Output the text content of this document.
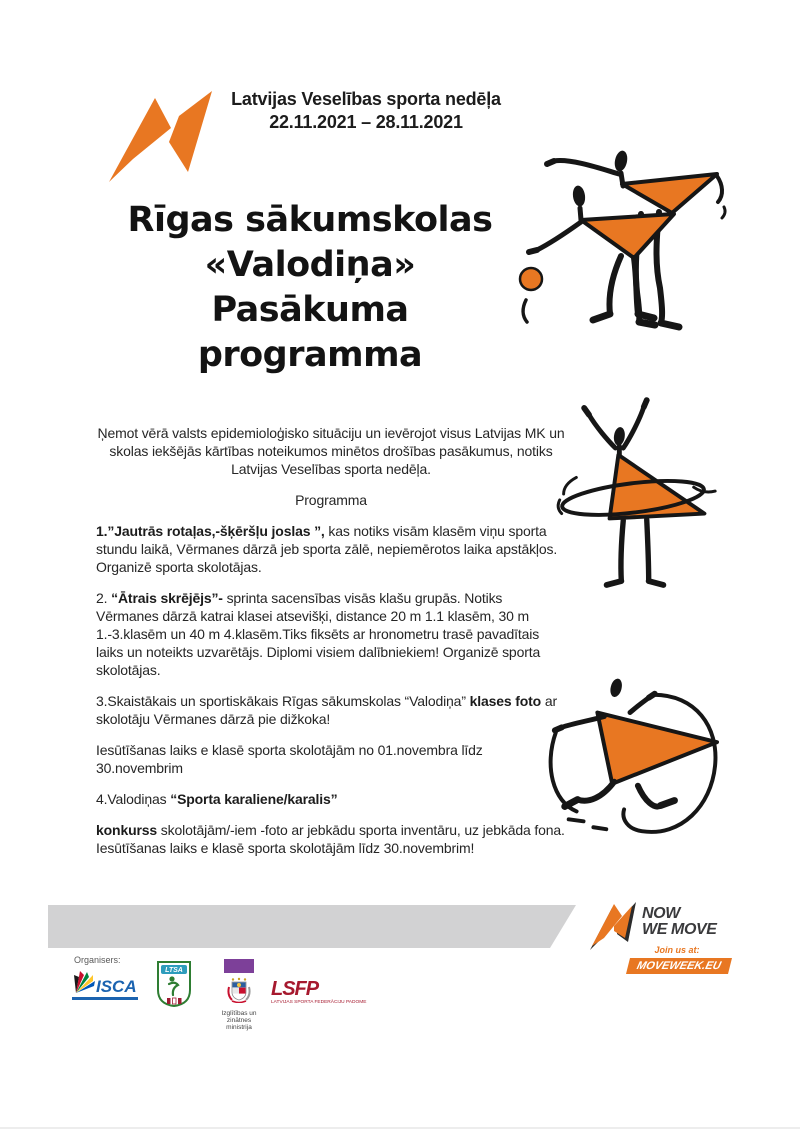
Latvijas Veselības sporta nedēļa
22.11.2021 – 28.11.2021
Rīgas sākumskolas
«Valodiņa»
Pasākuma
programma

Ņemot vērā valsts epidemioloģisko situāciju un ievērojot visus Latvijas MK un skolas iekšējās kārtības noteikumos minētos drošības pasākumus, notiks Latvijas Veselības sporta nedēļa.

Programma

1.”Jautrās rotaļas,-šķēršļu joslas ”, kas notiks visām klasēm viņu sporta stundu laikā, Vērmanes dārzā jeb sporta zālē, nepiemērotos laika apstākļos. Organizē sporta skolotājas.

2. “Ātrais skrējējs”- sprinta sacensības visās klašu grupās. Notiks Vērmanes dārzā katrai klasei atsevišķi, distance 20 m 1.1 klasēm, 30 m 1.-3.klasēm un 40 m 4.klasēm.Tiks fiksēts ar hronometru trasē pavadītais laiks un noteikts uzvarētājs. Diplomi visiem dalībniekiem! Organizē sporta skolotājas.

3.Skaistākais un sportiskākais Rīgas sākumskolas “Valodiņa” klases foto ar skolotāju Vērmanes dārzā pie dižkoka!

Iesūtīšanas laiks e klasē sporta skolotājām no 01.novembra līdz 30.novembrim

4.Valodiņas “Sporta karaliene/karalis”

konkurss skolotājām/-iem -foto ar jebkādu sporta inventāru, uz jebkāda fona. Iesūtīšanas laiks e klasē sporta skolotājām līdz 30.novembrim!

NOW
WE MOVE
Join us at:
MOVEWEEK.EU
Organisers:
ISCA
LTSA
Izglītības un zinātnes ministrija
LSFP
LATVIJAS SPORTA FEDERĀCIJU PADOME
